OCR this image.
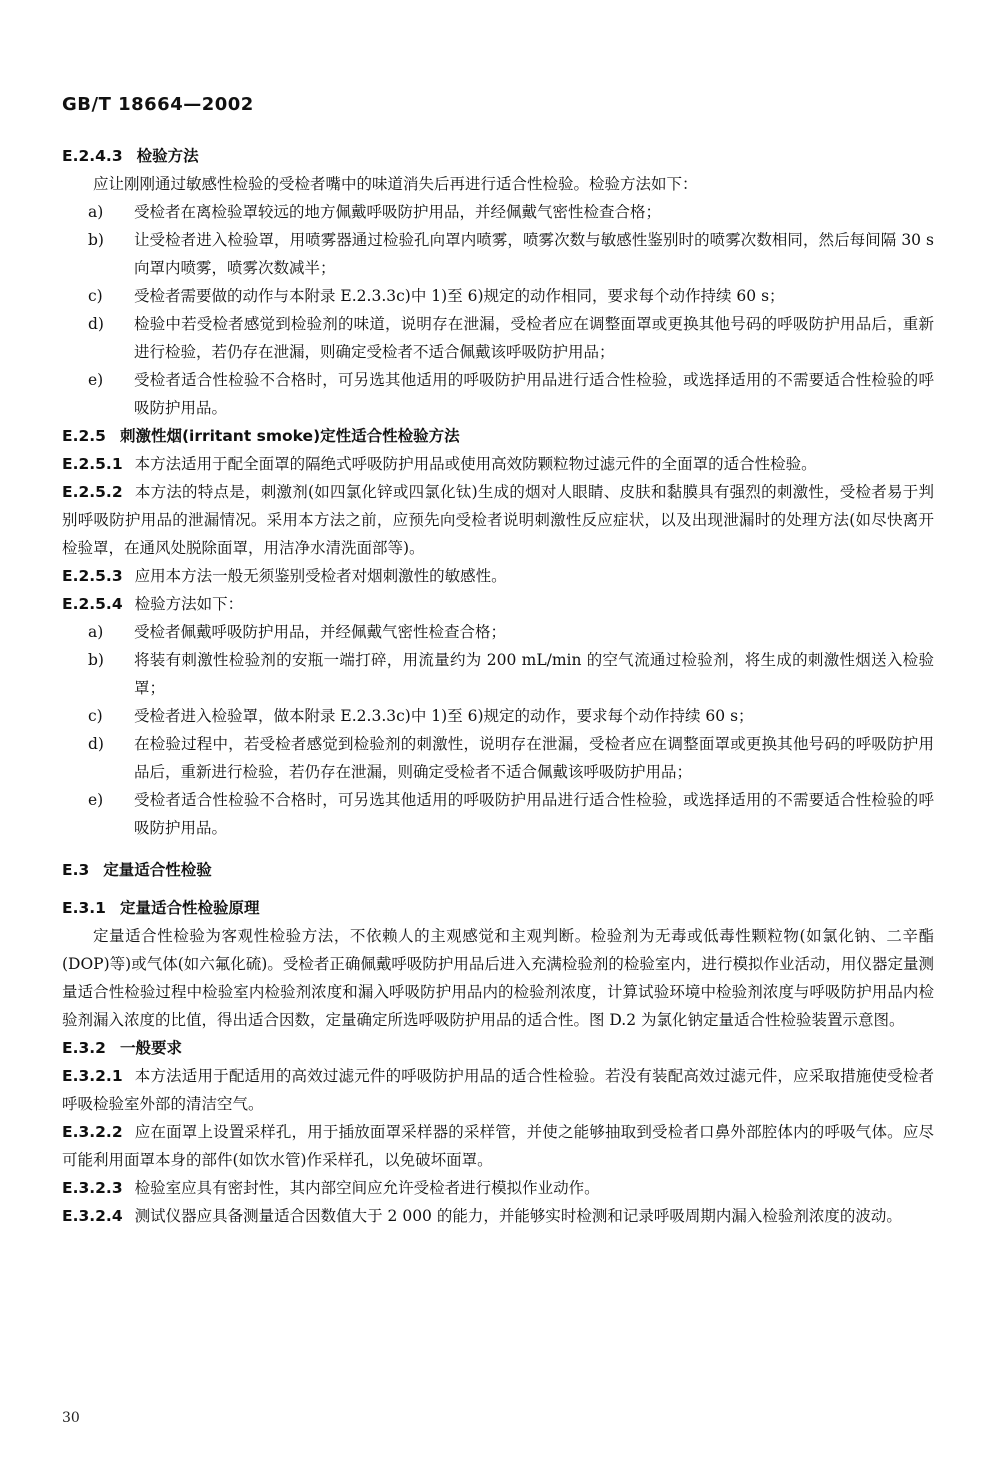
GB/T 18664—2002
E.2.4.3 检验方法

应让刚刚通过敏感性检验的受检者嘴中的味道消失后再进行适合性检验。检验方法如下：

a) 受检者在离检验罩较远的地方佩戴呼吸防护用品，并经佩戴气密性检查合格；

b) 让受检者进入检验罩，用喷雾器通过检验孔向罩内喷雾，喷雾次数与敏感性鉴别时的喷雾次数相同，然后每间隔 30 s 向罩内喷雾，喷雾次数减半；

c) 受检者需要做的动作与本附录 E.2.3.3c)中 1)至 6)规定的动作相同，要求每个动作持续 60 s；

d) 检验中若受检者感觉到检验剂的味道，说明存在泄漏，受检者应在调整面罩或更换其他号码的呼吸防护用品后，重新进行检验，若仍存在泄漏，则确定受检者不适合佩戴该呼吸防护用品；

e) 受检者适合性检验不合格时，可另选其他适用的呼吸防护用品进行适合性检验，或选择适用的不需要适合性检验的呼吸防护用品。

E.2.5 刺激性烟(irritant smoke)定性适合性检验方法

E.2.5.1 本方法适用于配全面罩的隔绝式呼吸防护用品或使用高效防颗粒物过滤元件的全面罩的适合性检验。

E.2.5.2 本方法的特点是，刺激剂(如四氯化锌或四氯化钛)生成的烟对人眼睛、皮肤和黏膜具有强烈的刺激性，受检者易于判别呼吸防护用品的泄漏情况。采用本方法之前，应预先向受检者说明刺激性反应症状，以及出现泄漏时的处理方法(如尽快离开检验罩，在通风处脱除面罩，用洁净水清洗面部等)。

E.2.5.3 应用本方法一般无须鉴别受检者对烟刺激性的敏感性。

E.2.5.4 检验方法如下：

a) 受检者佩戴呼吸防护用品，并经佩戴气密性检查合格；

b) 将装有刺激性检验剂的安瓶一端打碎，用流量约为 200 mL/min 的空气流通过检验剂，将生成的刺激性烟送入检验罩；

c) 受检者进入检验罩，做本附录 E.2.3.3c)中 1)至 6)规定的动作，要求每个动作持续 60 s；

d) 在检验过程中，若受检者感觉到检验剂的刺激性，说明存在泄漏，受检者应在调整面罩或更换其他号码的呼吸防护用品后，重新进行检验，若仍存在泄漏，则确定受检者不适合佩戴该呼吸防护用品；

e) 受检者适合性检验不合格时，可另选其他适用的呼吸防护用品进行适合性检验，或选择适用的不需要适合性检验的呼吸防护用品。

E.3 定量适合性检验
E.3.1 定量适合性检验原理

定量适合性检验为客观性检验方法，不依赖人的主观感觉和主观判断。检验剂为无毒或低毒性颗粒物(如氯化钠、二辛酯(DOP)等)或气体(如六氟化硫)。受检者正确佩戴呼吸防护用品后进入充满检验剂的检验室内，进行模拟作业活动，用仪器定量测量适合性检验过程中检验室内检验剂浓度和漏入呼吸防护用品内的检验剂浓度，计算试验环境中检验剂浓度与呼吸防护用品内检验剂漏入浓度的比值，得出适合因数，定量确定所选呼吸防护用品的适合性。图 D.2 为氯化钠定量适合性检验装置示意图。

E.3.2 一般要求

E.3.2.1 本方法适用于配适用的高效过滤元件的呼吸防护用品的适合性检验。若没有装配高效过滤元件，应采取措施使受检者呼吸检验室外部的清洁空气。

E.3.2.2 应在面罩上设置采样孔，用于插放面罩采样器的采样管，并使之能够抽取到受检者口鼻外部腔体内的呼吸气体。应尽可能利用面罩本身的部件(如饮水管)作采样孔，以免破坏面罩。

E.3.2.3 检验室应具有密封性，其内部空间应允许受检者进行模拟作业动作。

E.3.2.4 测试仪器应具备测量适合因数值大于 2 000 的能力，并能够实时检测和记录呼吸周期内漏入检验剂浓度的波动。

30
